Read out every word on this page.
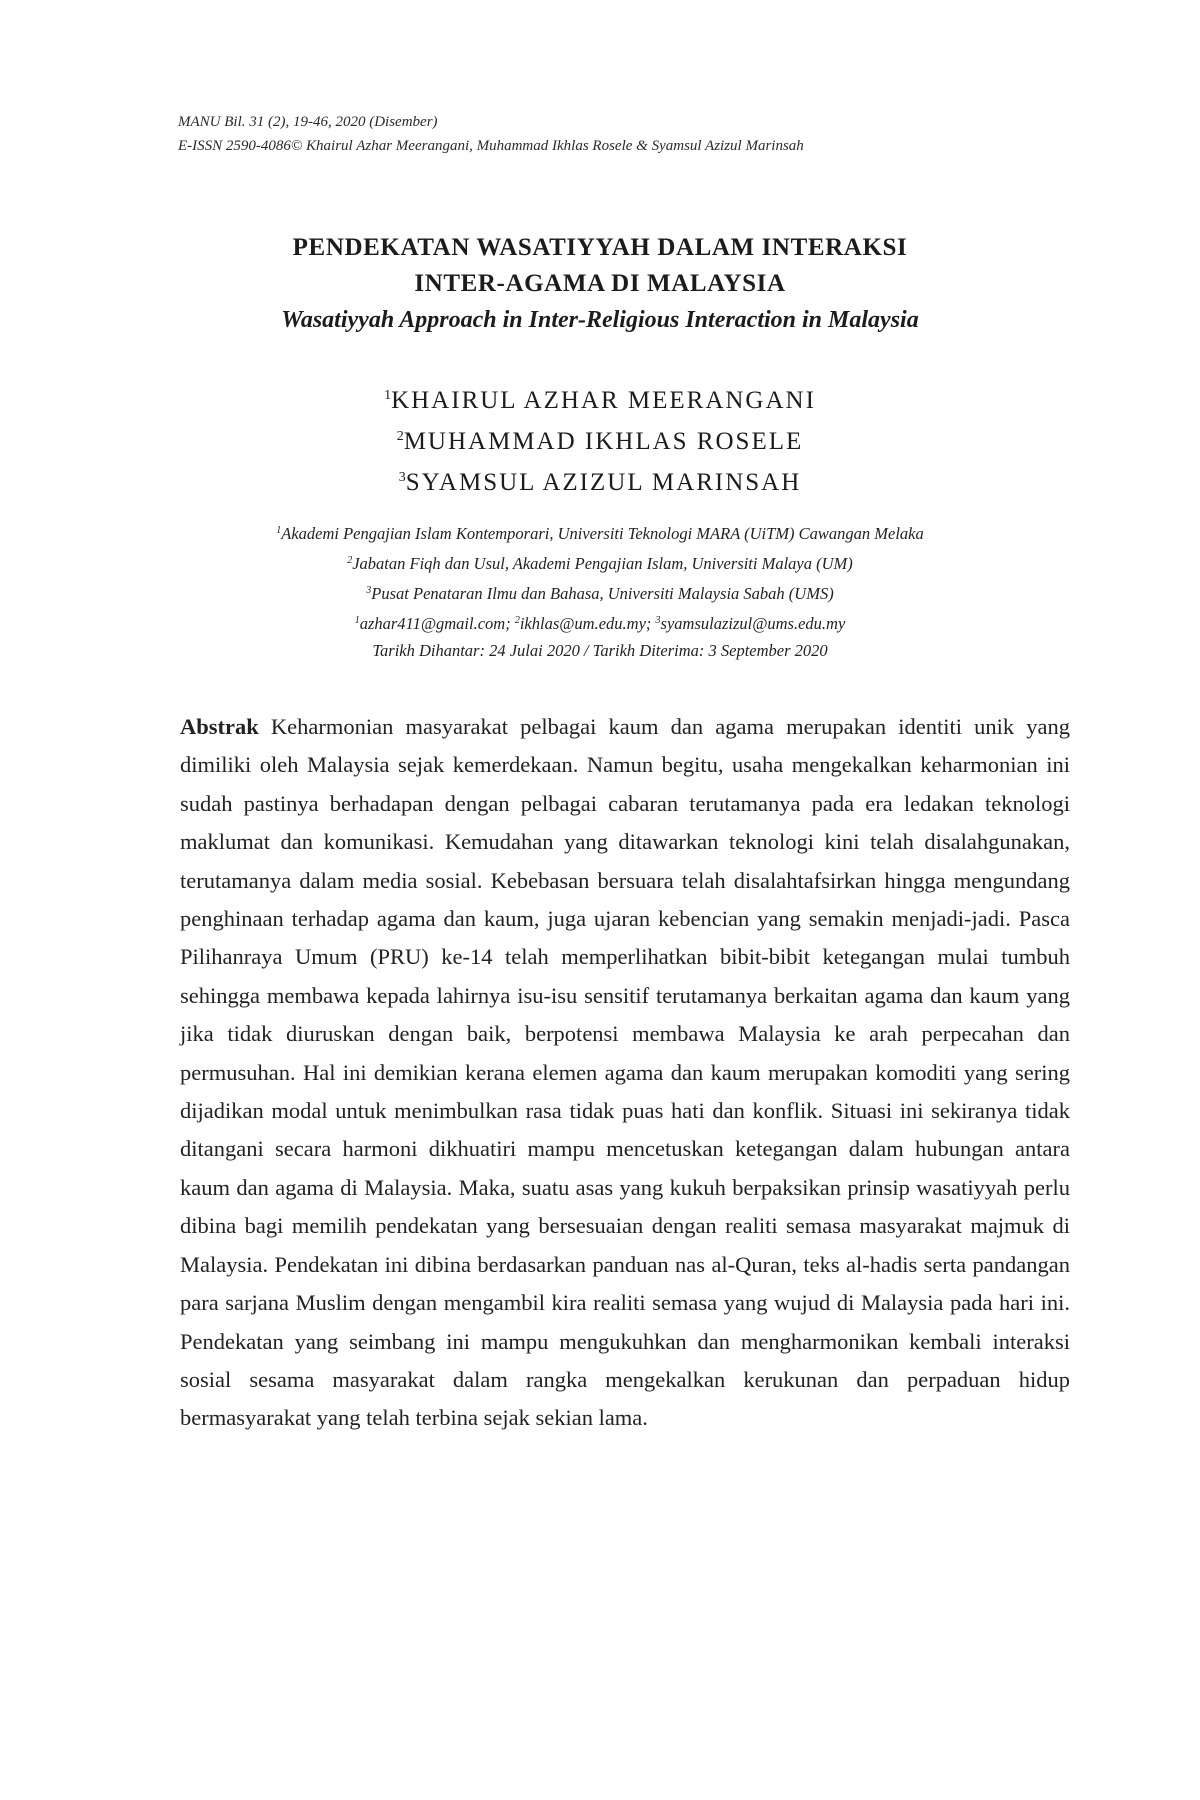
MANU Bil. 31 (2), 19-46, 2020 (Disember)
E-ISSN 2590-4086© Khairul Azhar Meerangani, Muhammad Ikhlas Rosele & Syamsul Azizul Marinsah
PENDEKATAN WASATIYYAH DALAM INTERAKSI
INTER-AGAMA DI MALAYSIA
Wasatiyyah Approach in Inter-Religious Interaction in Malaysia
$^1$KHAIRUL AZHAR MEERANGANI
$^2$MUHAMMAD IKHLAS ROSELE
$^3$SYAMSUL AZIZUL MARINSAH
$^1$Akademi Pengajian Islam Kontemporari, Universiti Teknologi MARA (UiTM) Cawangan Melaka
$^2$Jabatan Fiqh dan Usul, Akademi Pengajian Islam, Universiti Malaya (UM)
$^3$Pusat Penataran Ilmu dan Bahasa, Universiti Malaysia Sabah (UMS)
$^1$azhar411@gmail.com; $^2$ikhlas@um.edu.my; $^3$syamsulazizul@ums.edu.my
Tarikh Dihantar: 24 Julai 2020 / Tarikh Diterima: 3 September 2020
Abstrak Keharmonian masyarakat pelbagai kaum dan agama merupakan identiti unik yang dimiliki oleh Malaysia sejak kemerdekaan. Namun begitu, usaha mengekalkan keharmonian ini sudah pastinya berhadapan dengan pelbagai cabaran terutamanya pada era ledakan teknologi maklumat dan komunikasi. Kemudahan yang ditawarkan teknologi kini telah disalahgunakan, terutamanya dalam media sosial. Kebebasan bersuara telah disalahtafsirkan hingga mengundang penghinaan terhadap agama dan kaum, juga ujaran kebencian yang semakin menjadi-jadi. Pasca Pilihanraya Umum (PRU) ke-14 telah memperlihatkan bibit-bibit ketegangan mulai tumbuh sehingga membawa kepada lahirnya isu-isu sensitif terutamanya berkaitan agama dan kaum yang jika tidak diuruskan dengan baik, berpotensi membawa Malaysia ke arah perpecahan dan permusuhan. Hal ini demikian kerana elemen agama dan kaum merupakan komoditi yang sering dijadikan modal untuk menimbulkan rasa tidak puas hati dan konflik. Situasi ini sekiranya tidak ditangani secara harmoni dikhuatiri mampu mencetuskan ketegangan dalam hubungan antara kaum dan agama di Malaysia. Maka, suatu asas yang kukuh berpaksikan prinsip wasatiyyah perlu dibina bagi memilih pendekatan yang bersesuaian dengan realiti semasa masyarakat majmuk di Malaysia. Pendekatan ini dibina berdasarkan panduan nas al-Quran, teks al-hadis serta pandangan para sarjana Muslim dengan mengambil kira realiti semasa yang wujud di Malaysia pada hari ini. Pendekatan yang seimbang ini mampu mengukuhkan dan mengharmonikan kembali interaksi sosial sesama masyarakat dalam rangka mengekalkan kerukunan dan perpaduan hidup bermasyarakat yang telah terbina sejak sekian lama.
